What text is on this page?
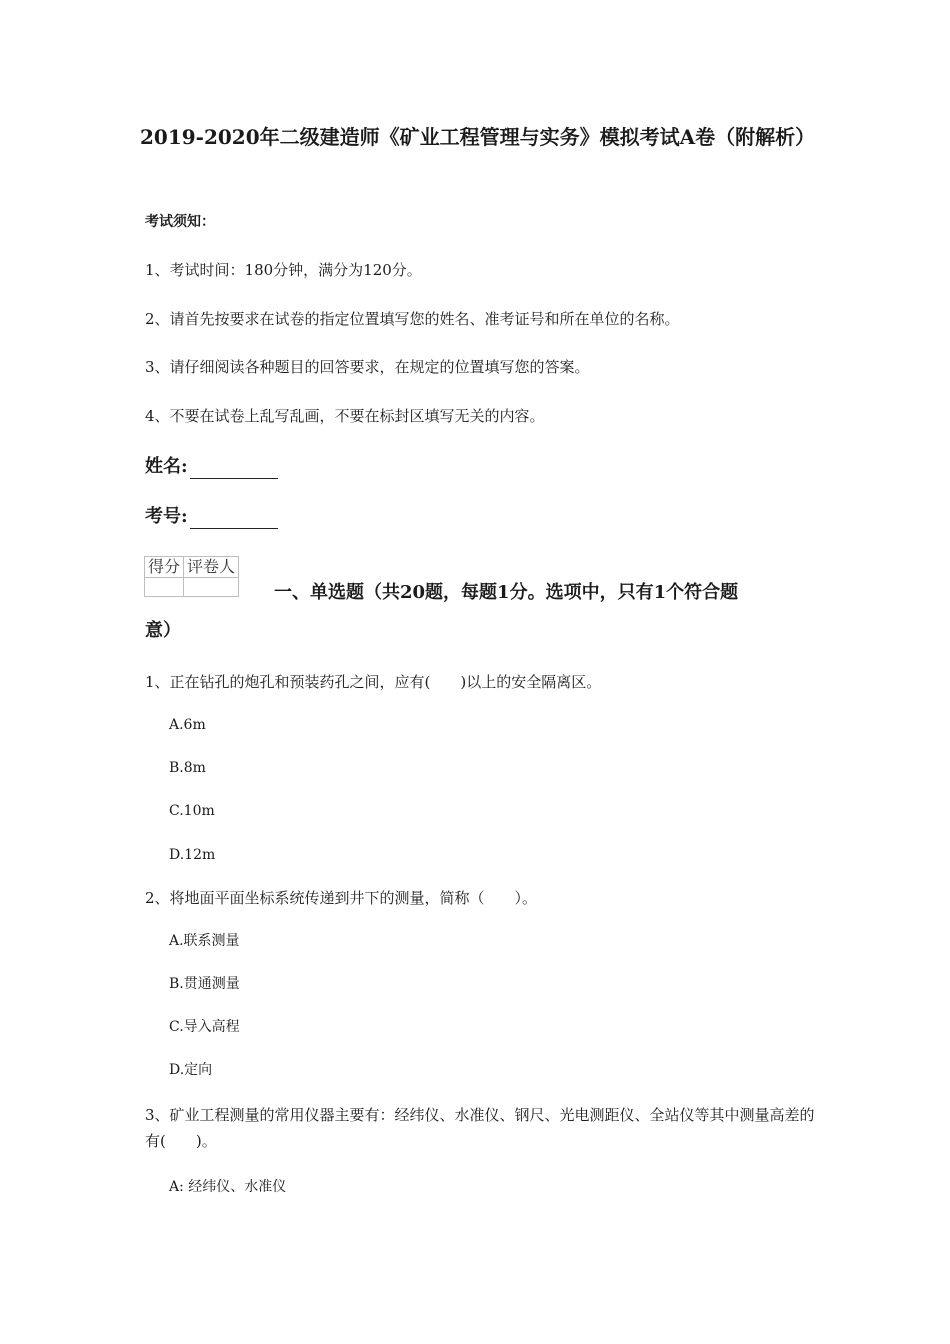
2019-2020年二级建造师《矿业工程管理与实务》模拟考试A卷（附解析）
考试须知：
1、考试时间：180分钟，满分为120分。
2、请首先按要求在试卷的指定位置填写您的姓名、准考证号和所在单位的名称。
3、请仔细阅读各种题目的回答要求，在规定的位置填写您的答案。
4、不要在试卷上乱写乱画，不要在标封区填写无关的内容。
姓名:
考号:
得分	评卷人

一、单选题（共20题，每题1分。选项中，只有1个符合题
意）
1、正在钻孔的炮孔和预装药孔之间，应有(　　)以上的安全隔离区。
A.6m
B.8m
C.10m
D.12m
2、将地面平面坐标系统传递到井下的测量，简称（　　）。
A.联系测量
B.贯通测量
C.导入高程
D.定向
3、矿业工程测量的常用仪器主要有：经纬仪、水准仪、钢尺、光电测距仪、全站仪等其中测量高差的有(　　)。
A: 经纬仪、水准仪
